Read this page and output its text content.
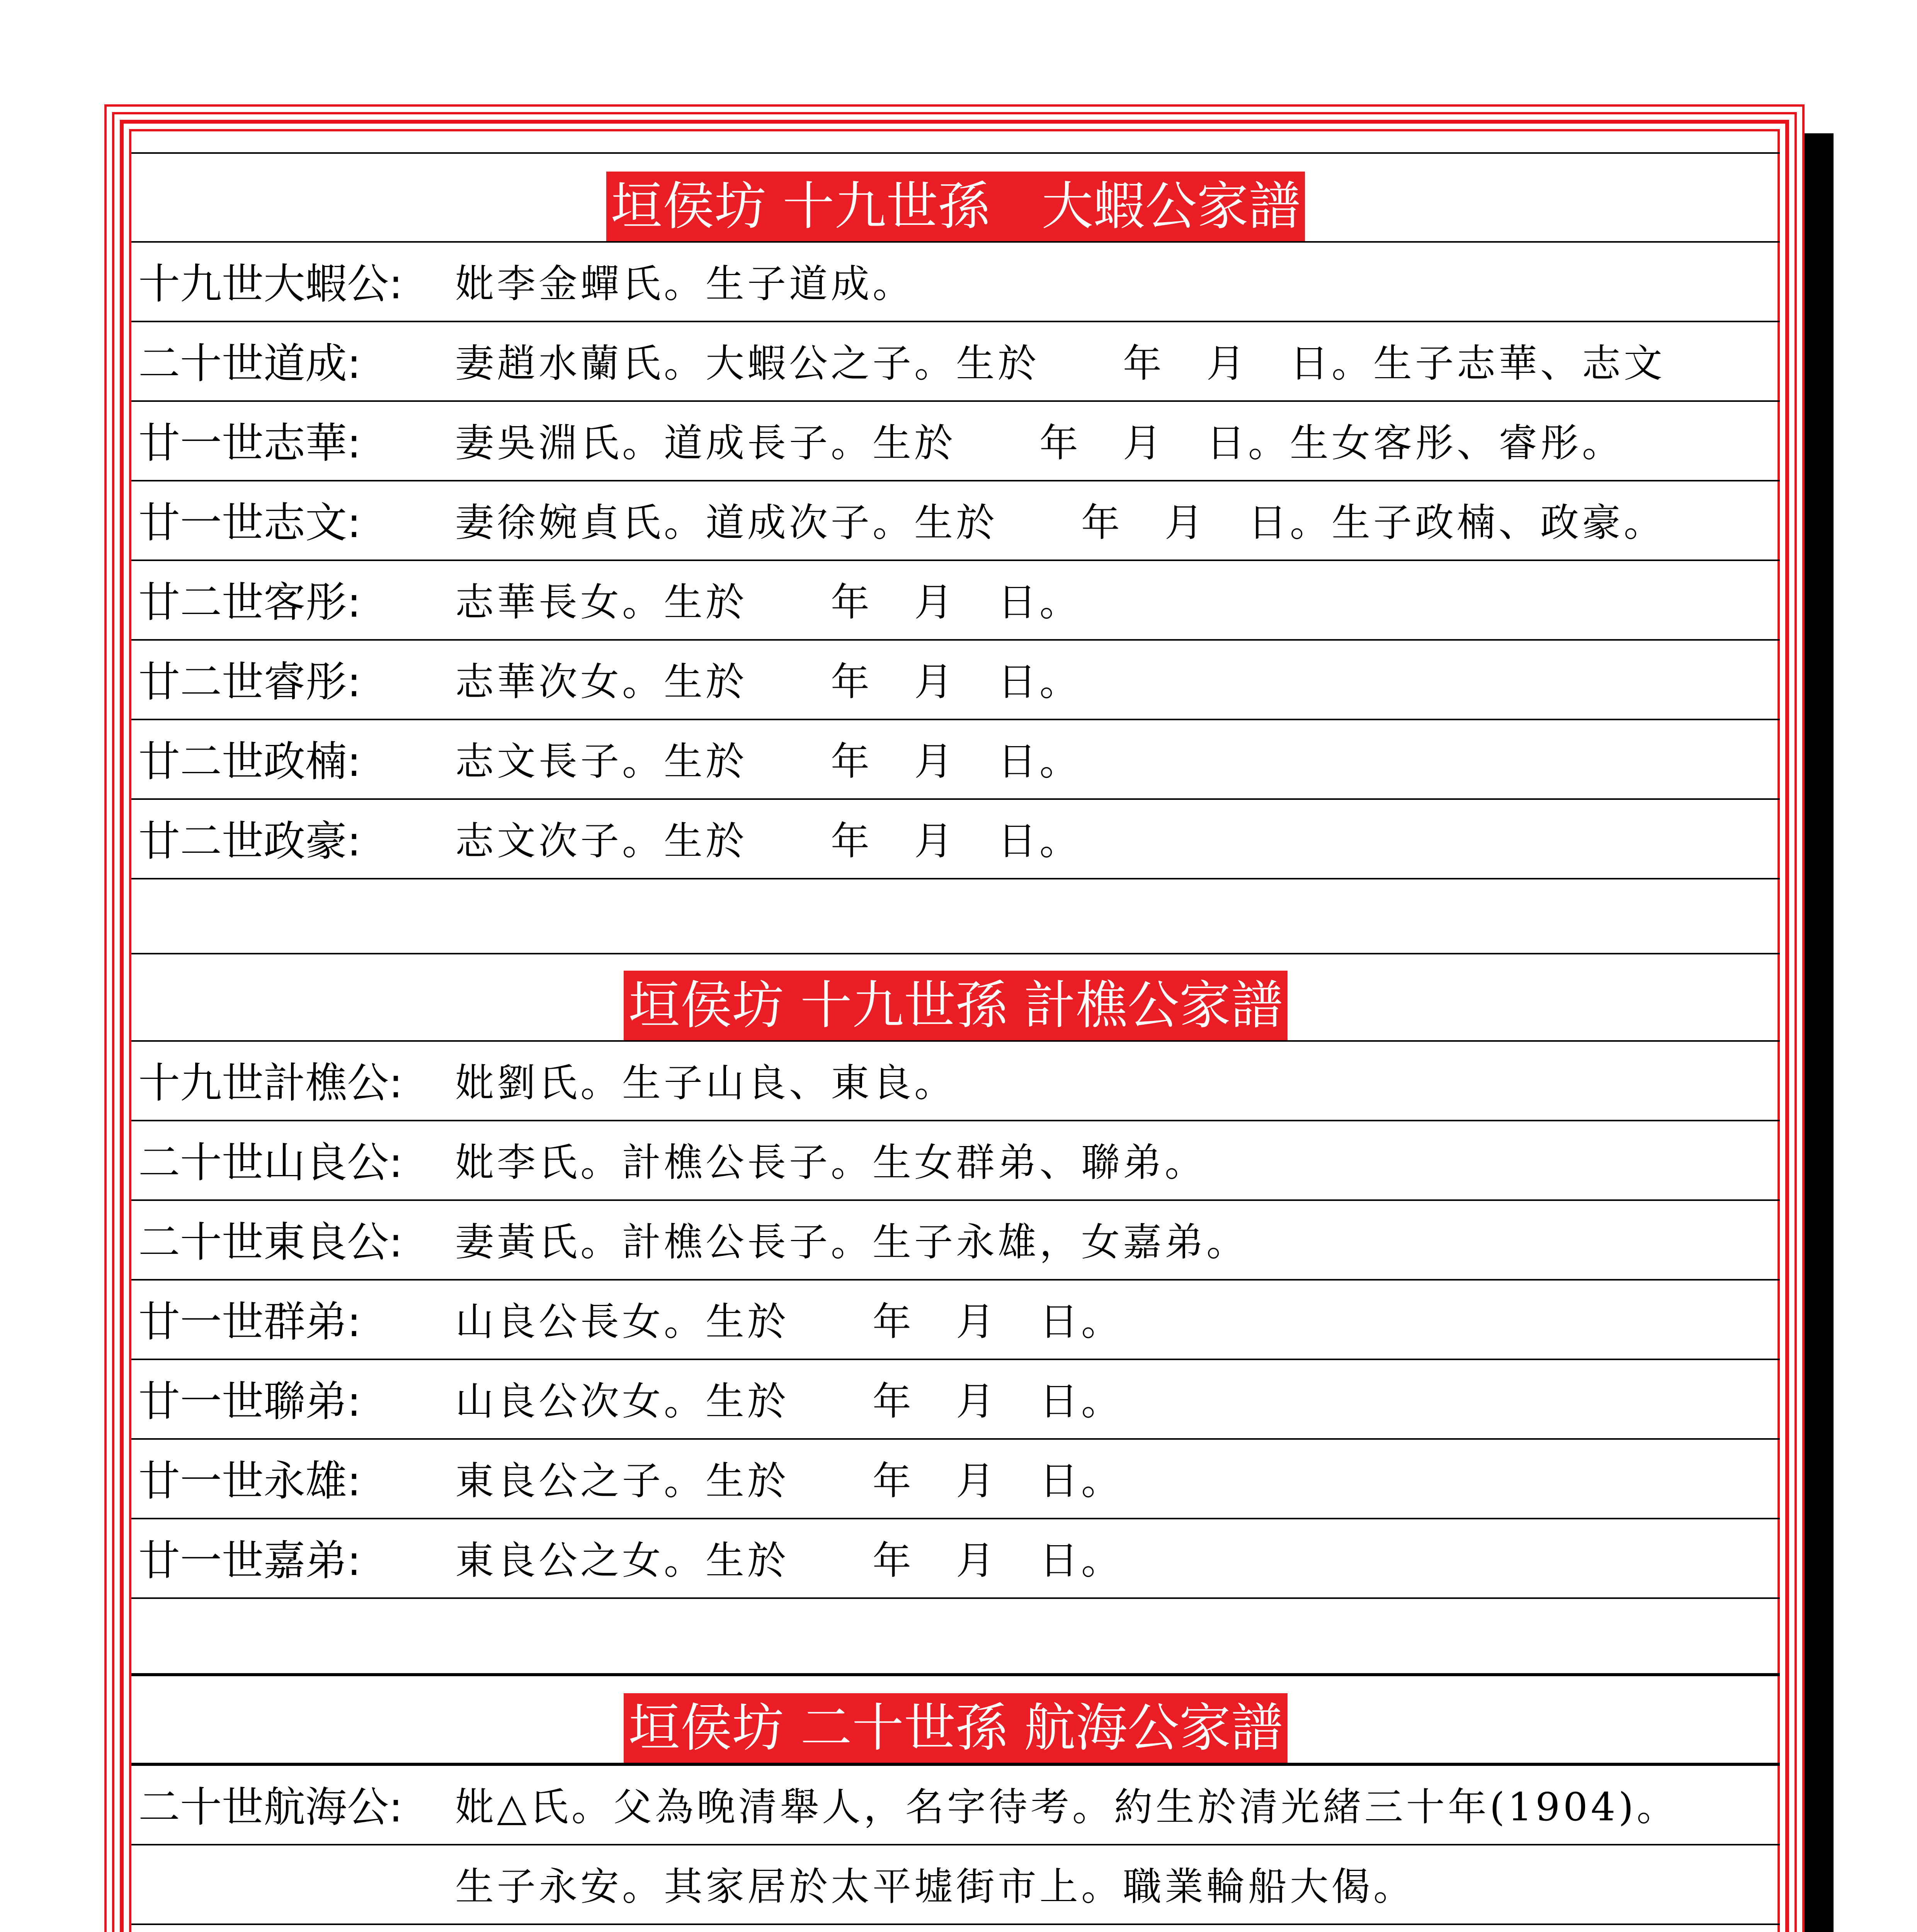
垣侯坊 十九世孫　大蝦公家譜
十九世大蝦公: 妣李金蟬氏。生子道成。
二十世道成: 妻趙水蘭氏。大蝦公之子。生於　　年　月　日。生子志華、志文
廿一世志華: 妻吳淵氏。道成長子。生於　　年　月　日。生女客彤、睿彤。
廿一世志文: 妻徐婉貞氏。道成次子。生於　　年　月　日。生子政楠、政豪。
廿二世客彤: 志華長女。生於　　年　月　日。
廿二世睿彤: 志華次女。生於　　年　月　日。
廿二世政楠: 志文長子。生於　　年　月　日。
廿二世政豪: 志文次子。生於　　年　月　日。
垣侯坊 十九世孫 計樵公家譜
十九世計樵公: 妣劉氏。生子山良、東良。
二十世山良公: 妣李氏。計樵公長子。生女群弟、聯弟。
二十世東良公: 妻黃氏。計樵公長子。生子永雄，女嘉弟。
廿一世群弟: 山良公長女。生於　　年　月　日。
廿一世聯弟: 山良公次女。生於　　年　月　日。
廿一世永雄: 東良公之子。生於　　年　月　日。
廿一世嘉弟: 東良公之女。生於　　年　月　日。
垣侯坊 二十世孫 航海公家譜
二十世航海公: 妣△氏。父為晚清舉人，名字待考。約生於清光緒三十年(1904)。
生子永安。其家居於太平墟街市上。職業輪船大偈。
